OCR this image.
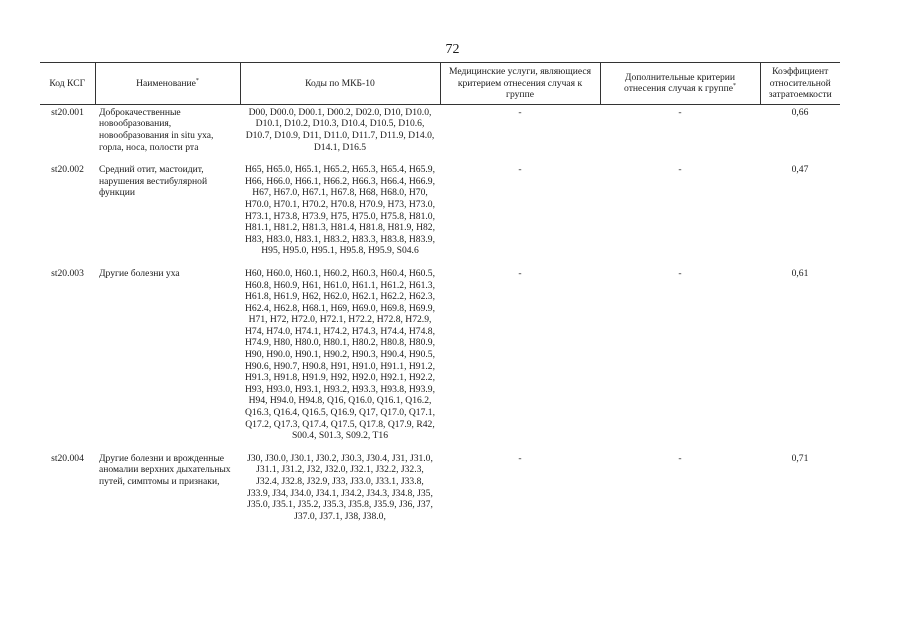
72
Код КСГ	Наименование*	Коды по МКБ-10	Медицинские услуги, являющиеся критерием отнесения случая к группе	Дополнительные критерии отнесения случая к группе*	Коэффициент относительной затратоемкости
st20.001	Доброкачественные новообразования, новообразования in situ уха, горла, носа, полости рта	D00, D00.0, D00.1, D00.2, D02.0, D10, D10.0, D10.1, D10.2, D10.3, D10.4, D10.5, D10.6, D10.7, D10.9, D11, D11.0, D11.7, D11.9, D14.0, D14.1, D16.5	-	-	0,66
st20.002	Средний отит, мастоидит, нарушения вестибулярной функции	H65, H65.0, H65.1, H65.2, H65.3, H65.4, H65.9, H66, H66.0, H66.1, H66.2, H66.3, H66.4, H66.9, H67, H67.0, H67.1, H67.8, H68, H68.0, H70, H70.0, H70.1, H70.2, H70.8, H70.9, H73, H73.0, H73.1, H73.8, H73.9, H75, H75.0, H75.8, H81.0, H81.1, H81.2, H81.3, H81.4, H81.8, H81.9, H82, H83, H83.0, H83.1, H83.2, H83.3, H83.8, H83.9, H95, H95.0, H95.1, H95.8, H95.9, S04.6	-	-	0,47
st20.003	Другие болезни уха	H60, H60.0, H60.1, H60.2, H60.3, H60.4, H60.5, H60.8, H60.9, H61, H61.0, H61.1, H61.2, H61.3, H61.8, H61.9, H62, H62.0, H62.1, H62.2, H62.3, H62.4, H62.8, H68.1, H69, H69.0, H69.8, H69.9, H71, H72, H72.0, H72.1, H72.2, H72.8, H72.9, H74, H74.0, H74.1, H74.2, H74.3, H74.4, H74.8, H74.9, H80, H80.0, H80.1, H80.2, H80.8, H80.9, H90, H90.0, H90.1, H90.2, H90.3, H90.4, H90.5, H90.6, H90.7, H90.8, H91, H91.0, H91.1, H91.2, H91.3, H91.8, H91.9, H92, H92.0, H92.1, H92.2, H93, H93.0, H93.1, H93.2, H93.3, H93.8, H93.9, H94, H94.0, H94.8, Q16, Q16.0, Q16.1, Q16.2, Q16.3, Q16.4, Q16.5, Q16.9, Q17, Q17.0, Q17.1, Q17.2, Q17.3, Q17.4, Q17.5, Q17.8, Q17.9, R42, S00.4, S01.3, S09.2, T16	-	-	0,61
st20.004	Другие болезни и врожденные аномалии верхних дыхательных путей, симптомы и признаки,	J30, J30.0, J30.1, J30.2, J30.3, J30.4, J31, J31.0, J31.1, J31.2, J32, J32.0, J32.1, J32.2, J32.3, J32.4, J32.8, J32.9, J33, J33.0, J33.1, J33.8, J33.9, J34, J34.0, J34.1, J34.2, J34.3, J34.8, J35, J35.0, J35.1, J35.2, J35.3, J35.8, J35.9, J36, J37, J37.0, J37.1, J38, J38.0,	-	-	0,71
